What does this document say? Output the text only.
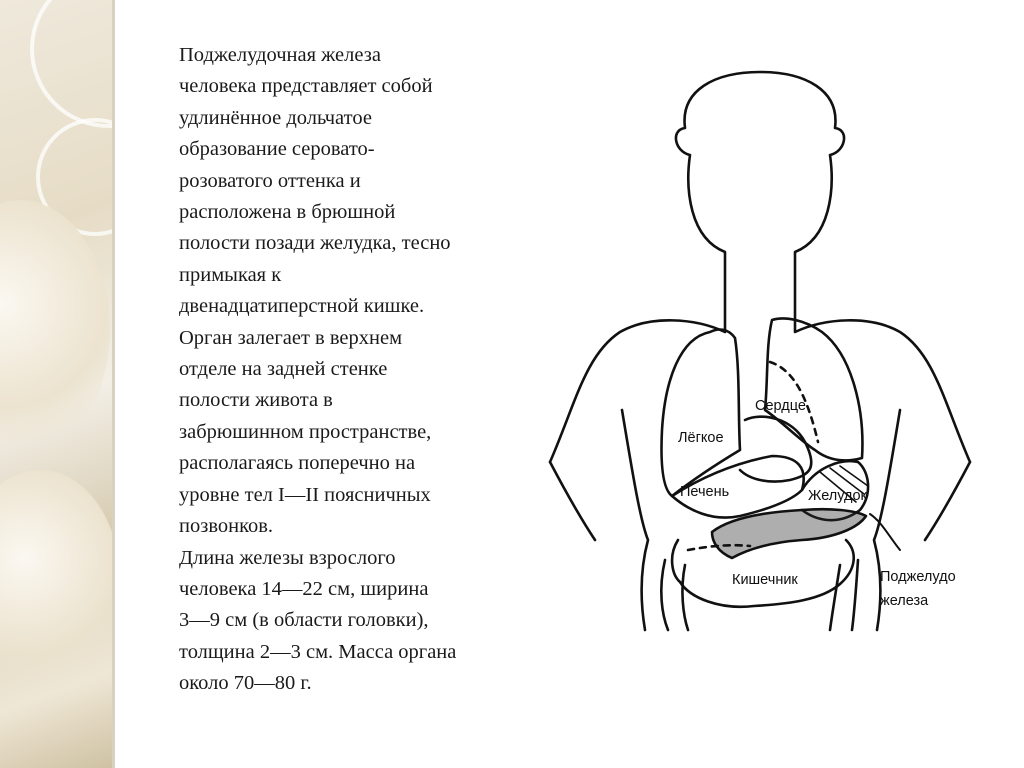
Поджелудочная железа
человека представляет собой
удлинённое дольчатое
образование серовато-
розоватого оттенка и
расположена в брюшной
полости позади желудка, тесно
примыкая к
двенадцатиперстной кишке.
Орган залегает в верхнем
отделе на задней стенке
полости живота в
забрюшинном пространстве,
располагаясь поперечно на
уровне тел I—II поясничных
позвонков.
Длина железы взрослого
человека 14—22 см, ширина
3—9 см (в области головки),
толщина 2—3 см. Масса органа
около 70—80 г.

Сердце
Лёгкое
Печень	Желудок
Кишечник	Поджелудо
железа
